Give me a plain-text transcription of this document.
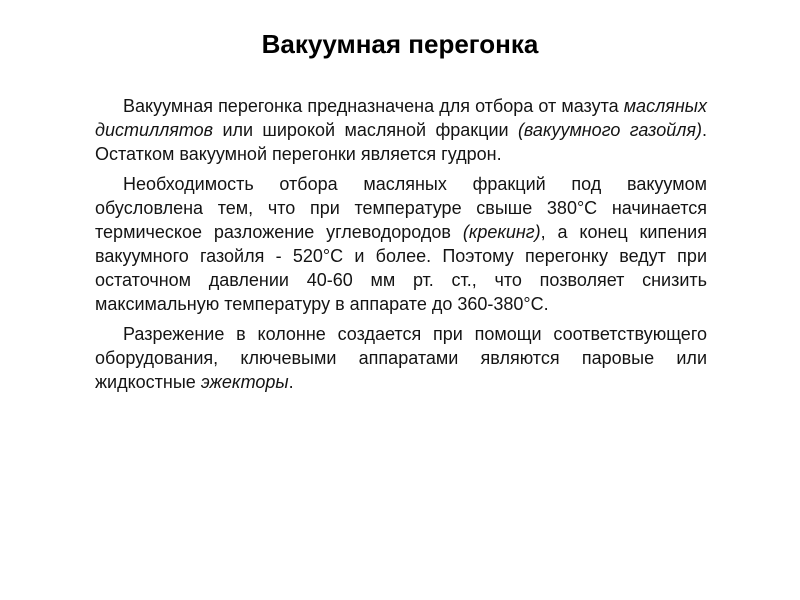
Вакуумная перегонка

Вакуумная перегонка предназначена для отбора от мазута масляных дистиллятов или широкой масляной фракции (вакуумного газойля). Остатком вакуумной перегонки является гудрон.

Необходимость отбора масляных фракций под вакуумом обусловлена тем, что при температуре свыше 380°С начинается термическое разложение углеводородов (крекинг), а конец кипения вакуумного газойля - 520°С и более. Поэтому перегонку ведут при остаточном давлении 40-60 мм рт. ст., что позволяет снизить максимальную температуру в аппарате до 360-380°С.

Разрежение в колонне создается при помощи соответствующего оборудования, ключевыми аппаратами являются паровые или жидкостные эжекторы.
